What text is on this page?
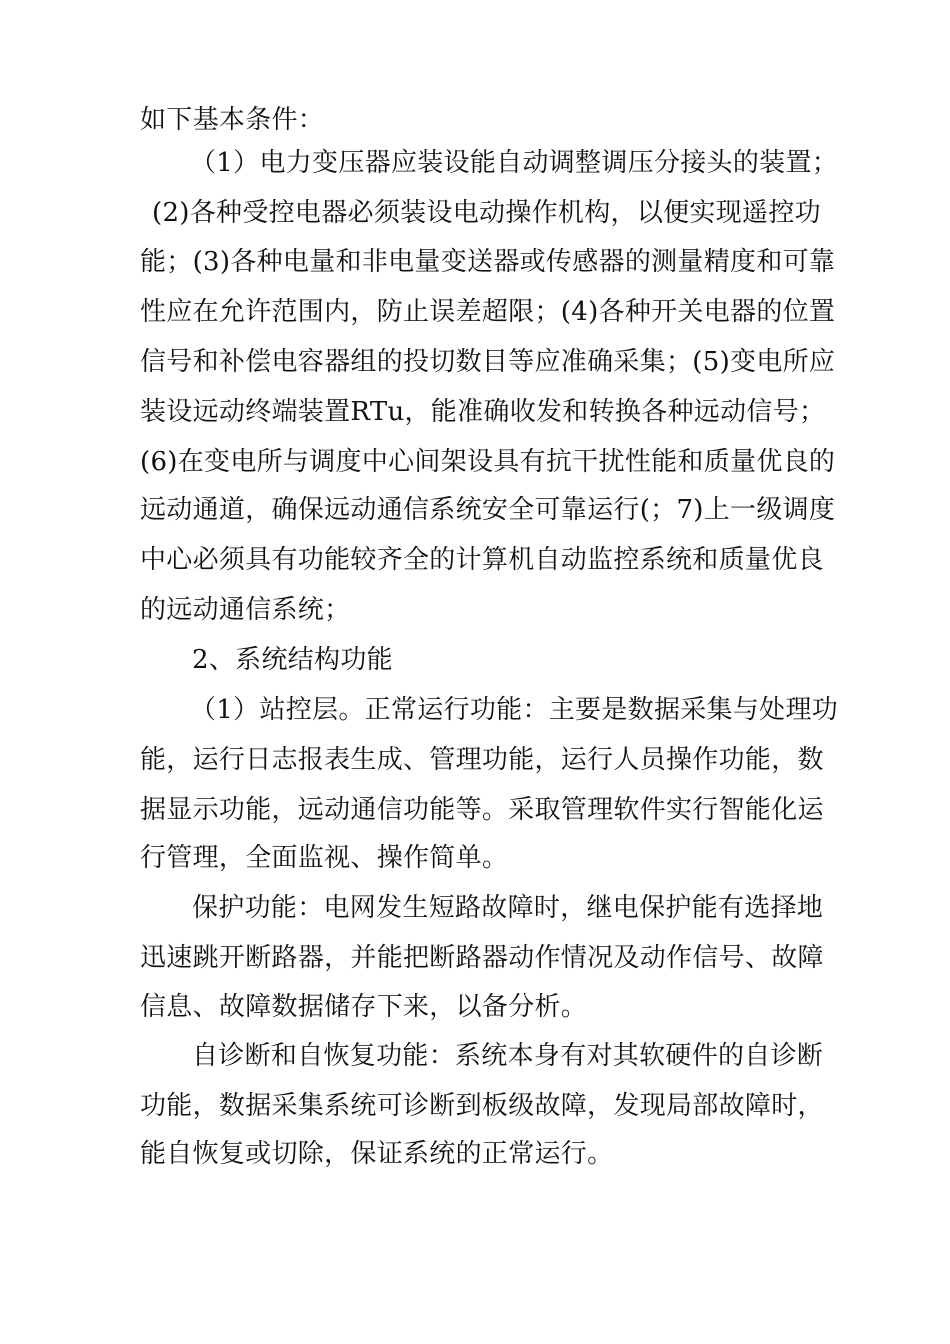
如下基本条件：
（1）电力变压器应装设能自动调整调压分接头的装置；
(2)各种受控电器必须装设电动操作机构，以便实现遥控功
能；(3)各种电量和非电量变送器或传感器的测量精度和可靠
性应在允许范围内，防止误差超限；(4)各种开关电器的位置
信号和补偿电容器组的投切数目等应准确采集；(5)变电所应
装设远动终端装置RTu，能准确收发和转换各种远动信号；
(6)在变电所与调度中心间架设具有抗干扰性能和质量优良的
远动通道，确保远动通信系统安全可靠运行(；7)上一级调度
中心必须具有功能较齐全的计算机自动监控系统和质量优良
的远动通信系统；
2、系统结构功能
（1）站控层。正常运行功能：主要是数据采集与处理功
能，运行日志报表生成、管理功能，运行人员操作功能，数
据显示功能，远动通信功能等。采取管理软件实行智能化运
行管理，全面监视、操作简单。
保护功能：电网发生短路故障时，继电保护能有选择地
迅速跳开断路器，并能把断路器动作情况及动作信号、故障
信息、故障数据储存下来，以备分析。
自诊断和自恢复功能：系统本身有对其软硬件的自诊断
功能，数据采集系统可诊断到板级故障，发现局部故障时，
能自恢复或切除，保证系统的正常运行。
